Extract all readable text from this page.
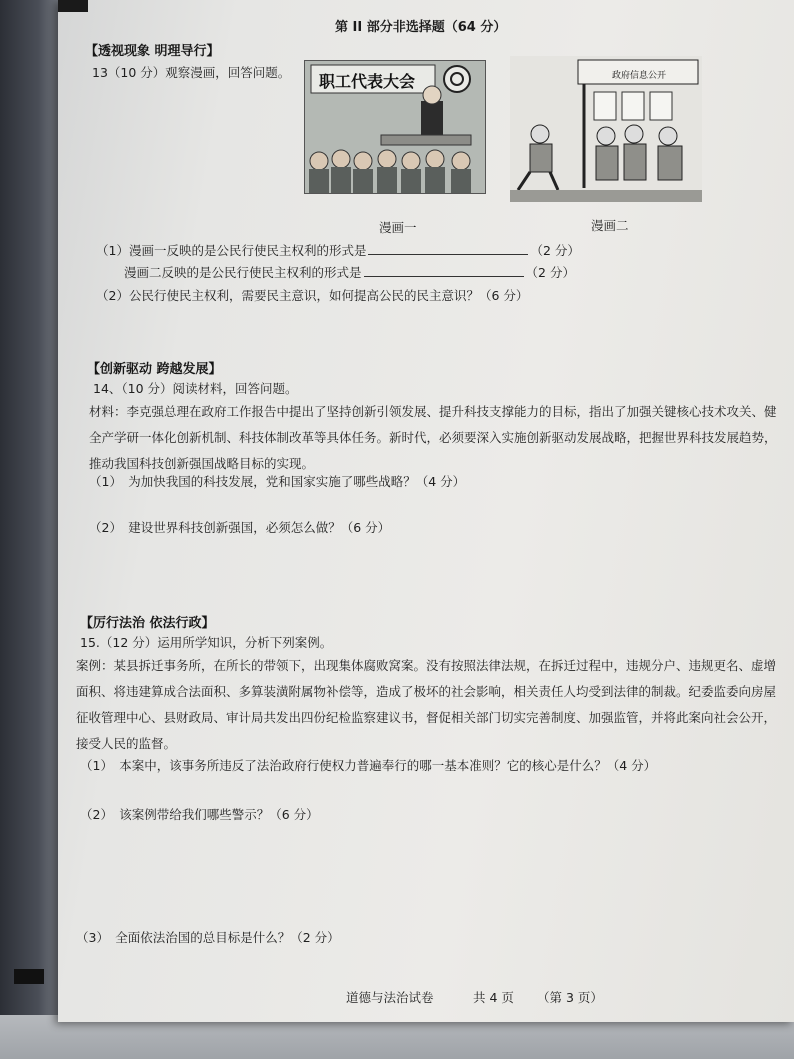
第 II 部分非选择题（64 分）
【透视现象 明理导行】
13（10 分）观察漫画，回答问题。 职工代表大会
漫画一
政府信息公开
漫画二
（1）漫画一反映的是公民行使民主权利的形式是	（2 分）
漫画二反映的是公民行使民主权利的形式是	（2 分）
（2）公民行使民主权利，需要民主意识，如何提高公民的民主意识？（6 分）
【创新驱动 跨越发展】
14、（10 分）阅读材料，回答问题。
材料：李克强总理在政府工作报告中提出了坚持创新引领发展、提升科技支撑能力的目标，指出了加强关键核心技术攻关、健全产学研一体化创新机制、科技体制改革等具体任务。新时代，必须要深入实施创新驱动发展战略，把握世界科技发展趋势，推动我国科技创新强国战略目标的实现。
（1）　为加快我国的科技发展，党和国家实施了哪些战略？（4 分）
（2）　建设世界科技创新强国，必须怎么做？（6 分）
【厉行法治 依法行政】
15.（12 分）运用所学知识，分析下列案例。
案例：某县拆迁事务所，在所长的带领下，出现集体腐败窝案。没有按照法律法规，在拆迁过程中，违规分户、违规更名、虚增面积、将违建算成合法面积、多算装潢附属物补偿等，造成了极坏的社会影响，相关责任人均受到法律的制裁。纪委监委向房屋征收管理中心、县财政局、审计局共发出四份纪检监察建议书，督促相关部门切实完善制度、加强监管，并将此案向社会公开，接受人民的监督。
（1）　本案中，该事务所违反了法治政府行使权力普遍奉行的哪一基本准则？它的核心是什么？（4 分）
（2）　该案例带给我们哪些警示？（6 分）
（3）　全面依法治国的总目标是什么？（2 分）
道德与法治试卷	共 4 页 （第 3 页）
